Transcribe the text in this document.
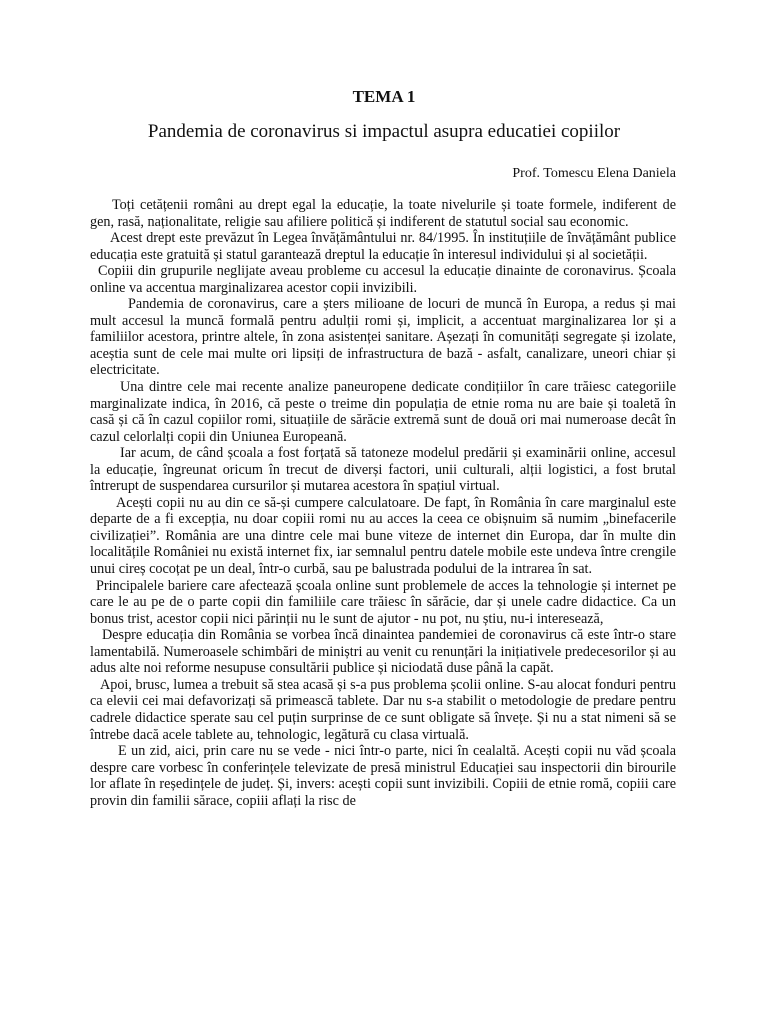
TEMA 1
Pandemia de coronavirus si impactul asupra educatiei copiilor
Prof. Tomescu Elena Daniela

Toți cetățenii români au drept egal la educație, la toate nivelurile și toate formele, indiferent de gen, rasă, naționalitate, religie sau afiliere politică și indiferent de statutul social sau economic.

Acest drept este prevăzut în Legea învățământului nr. 84/1995. În instituțiile de învățământ publice educația este gratuită și statul garantează dreptul la educație în interesul individului și al societății.

Copiii din grupurile neglijate aveau probleme cu accesul la educație dinainte de coronavirus. Școala online va accentua marginalizarea acestor copii invizibili.

Pandemia de coronavirus, care a șters milioane de locuri de muncă în Europa, a redus și mai mult accesul la muncă formală pentru adulții romi și, implicit, a accentuat marginalizarea lor și a familiilor acestora, printre altele, în zona asistenței sanitare. Așezați în comunități segregate și izolate, aceștia sunt de cele mai multe ori lipsiți de infrastructura de bază - asfalt, canalizare, uneori chiar și electricitate.

Una dintre cele mai recente analize paneuropene dedicate condițiilor în care trăiesc categoriile marginalizate indica, în 2016, că peste o treime din populația de etnie roma nu are baie și toaletă în casă și că în cazul copiilor romi, situațiile de sărăcie extremă sunt de două ori mai numeroase decât în cazul celorlalți copii din Uniunea Europeană.

Iar acum, de când școala a fost forțată să tatoneze modelul predării și examinării online, accesul la educație, îngreunat oricum în trecut de diverși factori, unii culturali, alții logistici, a fost brutal întrerupt de suspendarea cursurilor și mutarea acestora în spațiul virtual.

Acești copii nu au din ce să-și cumpere calculatoare. De fapt, în România în care marginalul este departe de a fi excepția, nu doar copiii romi nu au acces la ceea ce obișnuim să numim „binefacerile civilizației”. România are una dintre cele mai bune viteze de internet din Europa, dar în multe din localitățile României nu există internet fix, iar semnalul pentru datele mobile este undeva între crengile unui cireș cocoțat pe un deal, într-o curbă, sau pe balustrada podului de la intrarea în sat.

Principalele bariere care afectează școala online sunt problemele de acces la tehnologie și internet pe care le au pe de o parte copii din familiile care trăiesc în sărăcie, dar și unele cadre didactice. Ca un bonus trist, acestor copii nici părinții nu le sunt de ajutor - nu pot, nu știu, nu-i interesează,

Despre educația din România se vorbea încă dinaintea pandemiei de coronavirus că este într-o stare lamentabilă. Numeroasele schimbări de miniștri au venit cu renunțări la inițiativele predecesorilor și au adus alte noi reforme nesupuse consultării publice și niciodată duse până la capăt.

Apoi, brusc, lumea a trebuit să stea acasă și s-a pus problema școlii online. S-au alocat fonduri pentru ca elevii cei mai defavorizați să primească tablete. Dar nu s-a stabilit o metodologie de predare pentru cadrele didactice sperate sau cel puțin surprinse de ce sunt obligate să învețe. Și nu a stat nimeni să se întrebe dacă acele tablete au, tehnologic, legătură cu clasa virtuală.

E un zid, aici, prin care nu se vede - nici într-o parte, nici în cealaltă. Acești copii nu văd școala despre care vorbesc în conferințele televizate de presă ministrul Educației sau inspectorii din birourile lor aflate în reședințele de județ. Și, invers: acești copii sunt invizibili. Copiii de etnie romă, copiii care provin din familii sărace, copiii aflați la risc de
